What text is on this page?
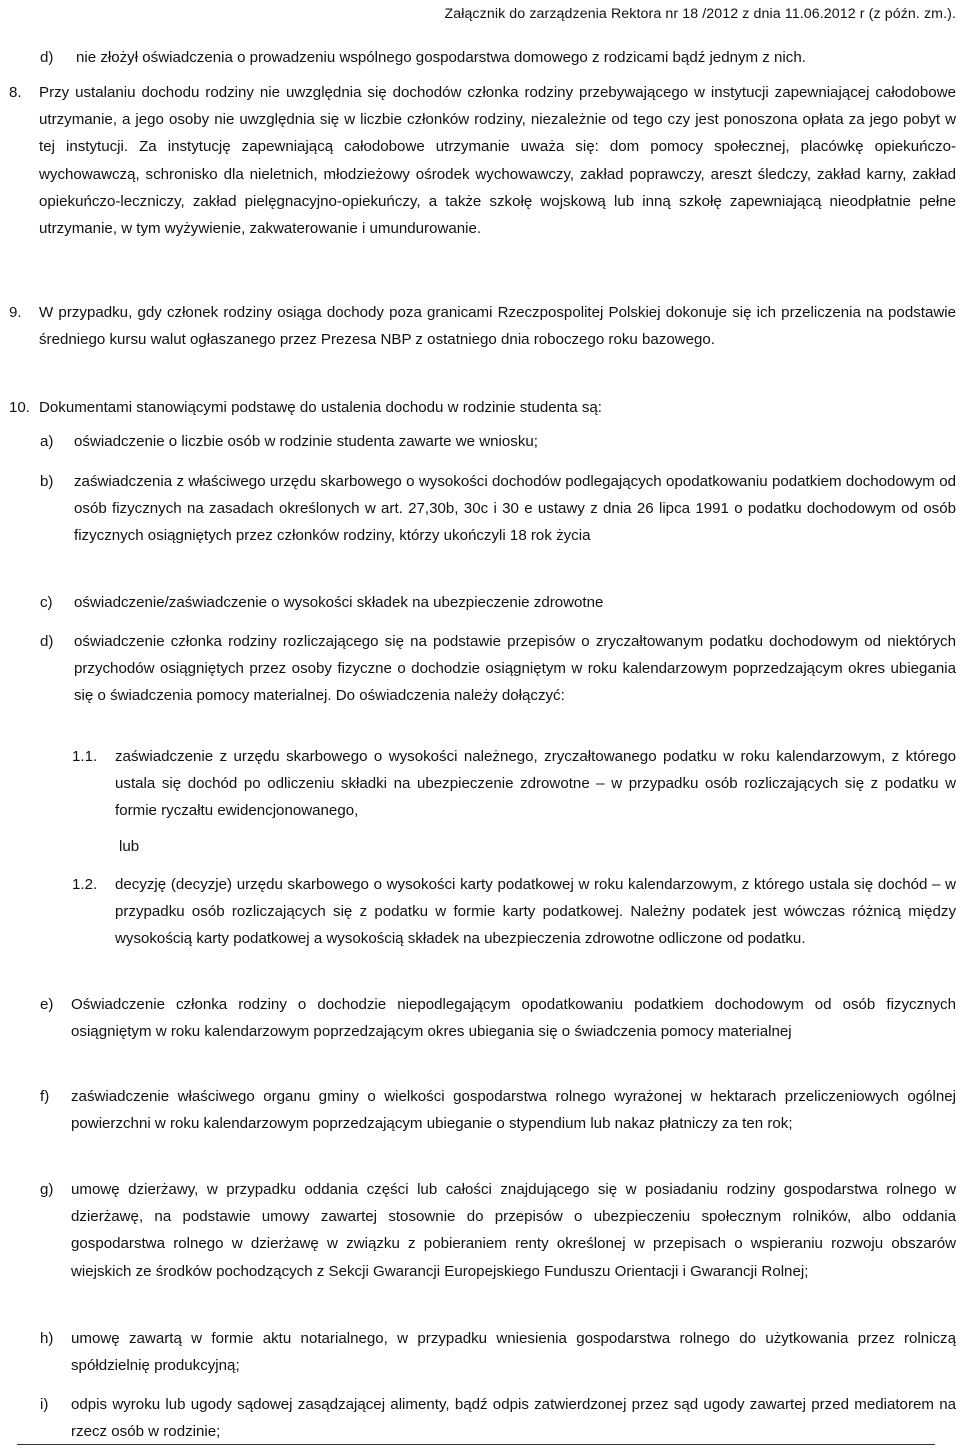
Załącznik do zarządzenia Rektora nr 18 /2012 z dnia 11.06.2012 r (z późn. zm.).
d) nie złożył oświadczenia o prowadzeniu wspólnego gospodarstwa domowego z rodzicami bądź jednym z nich.
8. Przy ustalaniu dochodu rodziny nie uwzględnia się dochodów członka rodziny przebywającego w instytucji zapewniającej całodobowe utrzymanie, a jego osoby nie uwzględnia się w liczbie członków rodziny, niezależnie od tego czy jest ponoszona opłata za jego pobyt w tej instytucji. Za instytucję zapewniającą całodobowe utrzymanie uważa się: dom pomocy społecznej, placówkę opiekuńczo-wychowawczą, schronisko dla nieletnich, młodzieżowy ośrodek wychowawczy, zakład poprawczy, areszt śledczy, zakład karny, zakład opiekuńczo-leczniczy, zakład pielęgnacyjno-opiekuńczy, a także szkołę wojskową lub inną szkołę zapewniającą nieodpłatnie pełne utrzymanie, w tym wyżywienie, zakwaterowanie i umundurowanie.
9. W przypadku, gdy członek rodziny osiąga dochody poza granicami Rzeczpospolitej Polskiej dokonuje się ich przeliczenia na podstawie średniego kursu walut ogłaszanego przez Prezesa NBP z ostatniego dnia roboczego roku bazowego.
10. Dokumentami stanowiącymi podstawę do ustalenia dochodu w rodzinie studenta są:
a) oświadczenie o liczbie osób w rodzinie studenta zawarte we wniosku;
b) zaświadczenia z właściwego urzędu skarbowego o wysokości dochodów podlegających opodatkowaniu podatkiem dochodowym od osób fizycznych na zasadach określonych w art. 27,30b, 30c i 30 e ustawy z dnia 26 lipca 1991 o podatku dochodowym od osób fizycznych osiągniętych przez członków rodziny, którzy ukończyli 18 rok życia
c) oświadczenie/zaświadczenie o wysokości składek na ubezpieczenie zdrowotne
d) oświadczenie członka rodziny rozliczającego się na podstawie przepisów o zryczałtowanym podatku dochodowym od niektórych przychodów osiągniętych przez osoby fizyczne o dochodzie osiągniętym w roku kalendarzowym poprzedzającym okres ubiegania się o świadczenia pomocy materialnej. Do oświadczenia należy dołączyć:
1.1. zaświadczenie z urzędu skarbowego o wysokości należnego, zryczałtowanego podatku w roku kalendarzowym, z którego ustala się dochód po odliczeniu składki na ubezpieczenie zdrowotne – w przypadku osób rozliczających się z podatku w formie ryczałtu ewidencjonowanego,
lub
1.2. decyzję (decyzje) urzędu skarbowego o wysokości karty podatkowej w roku kalendarzowym, z którego ustala się dochód – w przypadku osób rozliczających się z podatku w formie karty podatkowej. Należny podatek jest wówczas różnicą między wysokością karty podatkowej a wysokością składek na ubezpieczenia zdrowotne odliczone od podatku.
e) Oświadczenie członka rodziny o dochodzie niepodlegającym opodatkowaniu podatkiem dochodowym od osób fizycznych osiągniętym w roku kalendarzowym poprzedzającym okres ubiegania się o świadczenia pomocy materialnej
f) zaświadczenie właściwego organu gminy o wielkości gospodarstwa rolnego wyrażonej w hektarach przeliczeniowych ogólnej powierzchni w roku kalendarzowym poprzedzającym ubieganie o stypendium lub nakaz płatniczy za ten rok;
g) umowę dzierżawy, w przypadku oddania części lub całości znajdującego się w posiadaniu rodziny gospodarstwa rolnego w dzierżawę, na podstawie umowy zawartej stosownie do przepisów o ubezpieczeniu społecznym rolników, albo oddania gospodarstwa rolnego w dzierżawę w związku z pobieraniem renty określonej w przepisach o wspieraniu rozwoju obszarów wiejskich ze środków pochodzących z Sekcji Gwarancji Europejskiego Funduszu Orientacji i Gwarancji Rolnej;
h) umowę zawartą w formie aktu notarialnego, w przypadku wniesienia gospodarstwa rolnego do użytkowania przez rolniczą spółdzielnię produkcyjną;
i) odpis wyroku lub ugody sądowej zasądzającej alimenty, bądź odpis zatwierdzonej przez sąd ugody zawartej przed mediatorem na rzecz osób w rodzinie;
